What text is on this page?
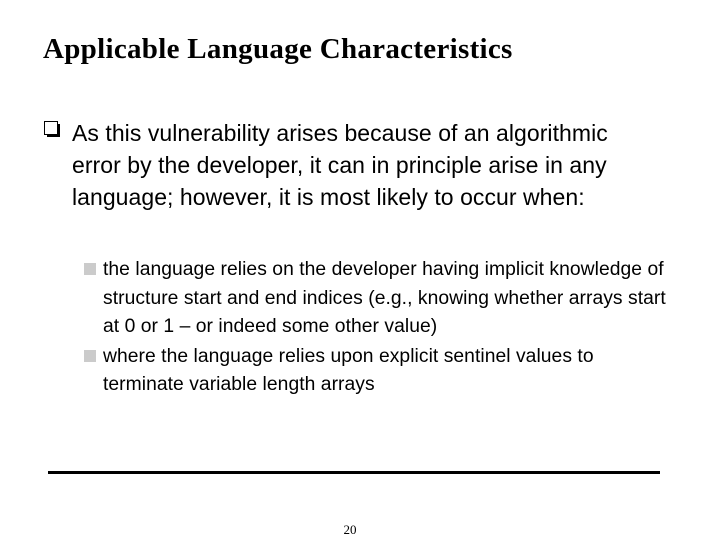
Applicable Language Characteristics
As this vulnerability arises because of an algorithmic error by the developer, it can in principle arise in any language; however, it is most likely to occur when:
the language relies on the developer having implicit knowledge of structure start and end indices (e.g., knowing whether arrays start at 0 or 1 – or indeed some other value)
where the language relies upon explicit sentinel values to terminate variable length arrays
20
